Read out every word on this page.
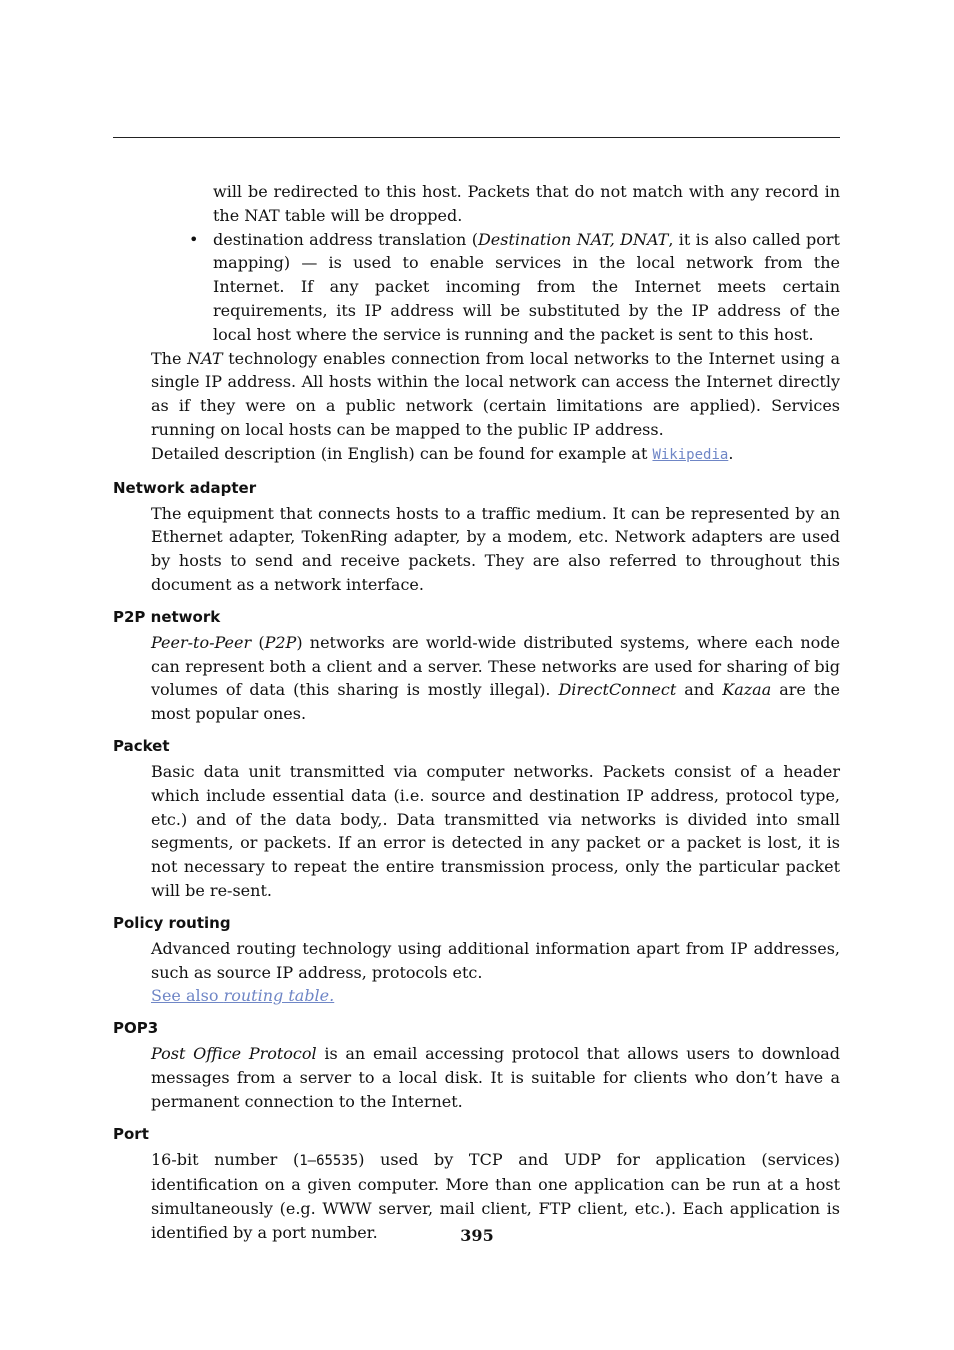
will be redirected to this host. Packets that do not match with any record in the NAT table will be dropped.

• destination address translation (Destination NAT, DNAT, it is also called port mapping) — is used to enable services in the local network from the Internet. If any packet incoming from the Internet meets certain requirements, its IP address will be substituted by the IP address of the local host where the service is running and the packet is sent to this host.

The NAT technology enables connection from local networks to the Internet using a single IP address. All hosts within the local network can access the Internet directly as if they were on a public network (certain limitations are applied). Services running on local hosts can be mapped to the public IP address.

Detailed description (in English) can be found for example at Wikipedia.

Network adapter

The equipment that connects hosts to a traffic medium. It can be represented by an Ethernet adapter, TokenRing adapter, by a modem, etc. Network adapters are used by hosts to send and receive packets. They are also referred to throughout this document as a network interface.

P2P network

Peer-to-Peer (P2P) networks are world-wide distributed systems, where each node can represent both a client and a server. These networks are used for sharing of big volumes of data (this sharing is mostly illegal). DirectConnect and Kazaa are the most popular ones.

Packet

Basic data unit transmitted via computer networks. Packets consist of a header which include essential data (i.e. source and destination IP address, protocol type, etc.) and of the data body,. Data transmitted via networks is divided into small segments, or packets. If an error is detected in any packet or a packet is lost, it is not necessary to repeat the entire transmission process, only the particular packet will be re-sent.

Policy routing

Advanced routing technology using additional information apart from IP addresses, such as source IP address, protocols etc.

See also routing table.

POP3

Post Office Protocol is an email accessing protocol that allows users to download messages from a server to a local disk. It is suitable for clients who don’t have a permanent connection to the Internet.

Port

16-bit number (1–65535) used by TCP and UDP for application (services) identification on a given computer. More than one application can be run at a host simultaneously (e.g. WWW server, mail client, FTP client, etc.). Each application is identified by a port number.	395
